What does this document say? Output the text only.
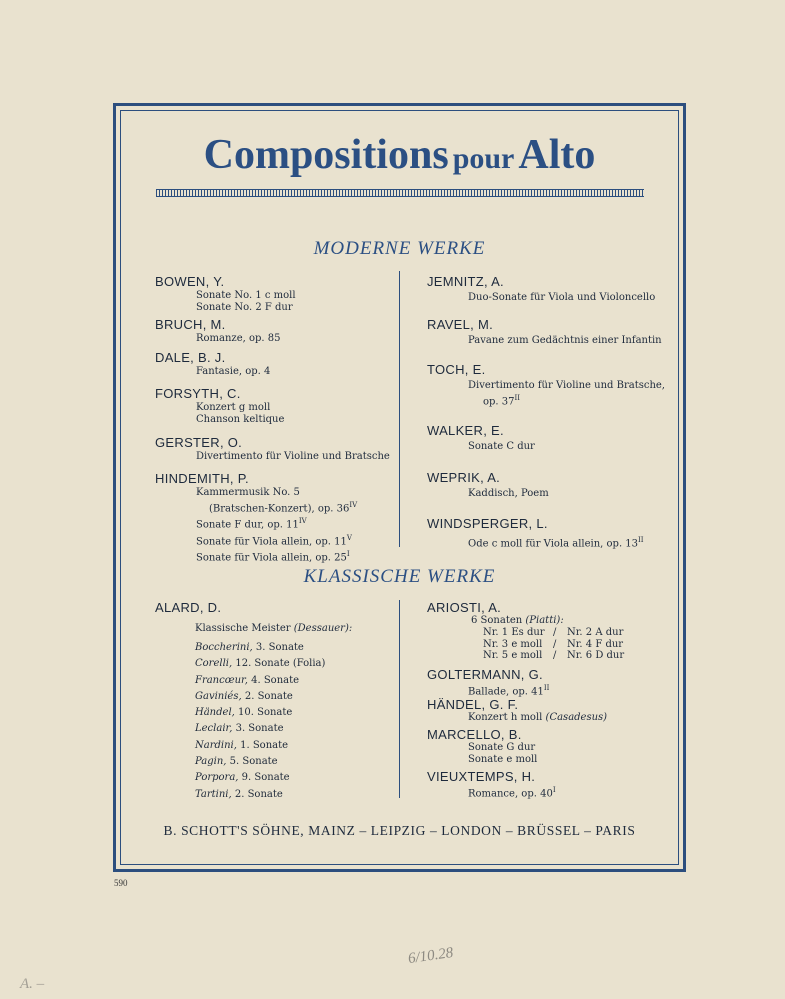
Compositions pour Alto
MODERNE WERKE
BOWEN, Y.
Sonate No. 1 c moll
Sonate No. 2 F dur
BRUCH, M.
Romanze, op. 85
DALE, B. J.
Fantasie, op. 4
FORSYTH, C.
Konzert g moll
Chanson keltique
GERSTER, O.
Divertimento für Violine und Bratsche
HINDEMITH, P.
Kammermusik No. 5
(Bratschen-Konzert), op. $36^{IV}$
Sonate F dur, op. $11^{IV}$
Sonate für Viola allein, op. $11^V$
Sonate für Viola allein, op. $25^I$
JEMNITZ, A.
Duo-Sonate für Viola und Violoncello
RAVEL, M.
Pavane zum Gedächtnis einer Infantin
TOCH, E.
Divertimento für Violine und Bratsche,
op. $37^{II}$
WALKER, E.
Sonate C dur
WEPRIK, A.
Kaddisch, Poem
WINDSPERGER, L.
Ode c moll für Viola allein, op. $13^{II}$
KLASSISCHE WERKE
ALARD, D.
Klassische Meister (Dessauer):
Boccherini, 3. Sonate
Corelli, 12. Sonate (Folia)
Francœur, 4. Sonate
Gaviniés, 2. Sonate
Händel, 10. Sonate
Leclair, 3. Sonate
Nardini, 1. Sonate
Pagin, 5. Sonate
Porpora, 9. Sonate
Tartini, 2. Sonate
ARIOSTI, A.
6 Sonaten (Piatti):
Nr. 1 Es dur / Nr. 2 A dur
Nr. 3 e moll / Nr. 4 F dur
Nr. 5 e moll / Nr. 6 D dur
GOLTERMANN, G.
Ballade, op. $41^{II}$
HÄNDEL, G. F.
Konzert h moll (Casadesus)
MARCELLO, B.
Sonate G dur
Sonate e moll
VIEUXTEMPS, H.
Romance, op. $40^I$
B. SCHOTT'S SÖHNE, MAINZ – LEIPZIG – LONDON – BRÜSSEL – PARIS
590
6/10.28
A. –
